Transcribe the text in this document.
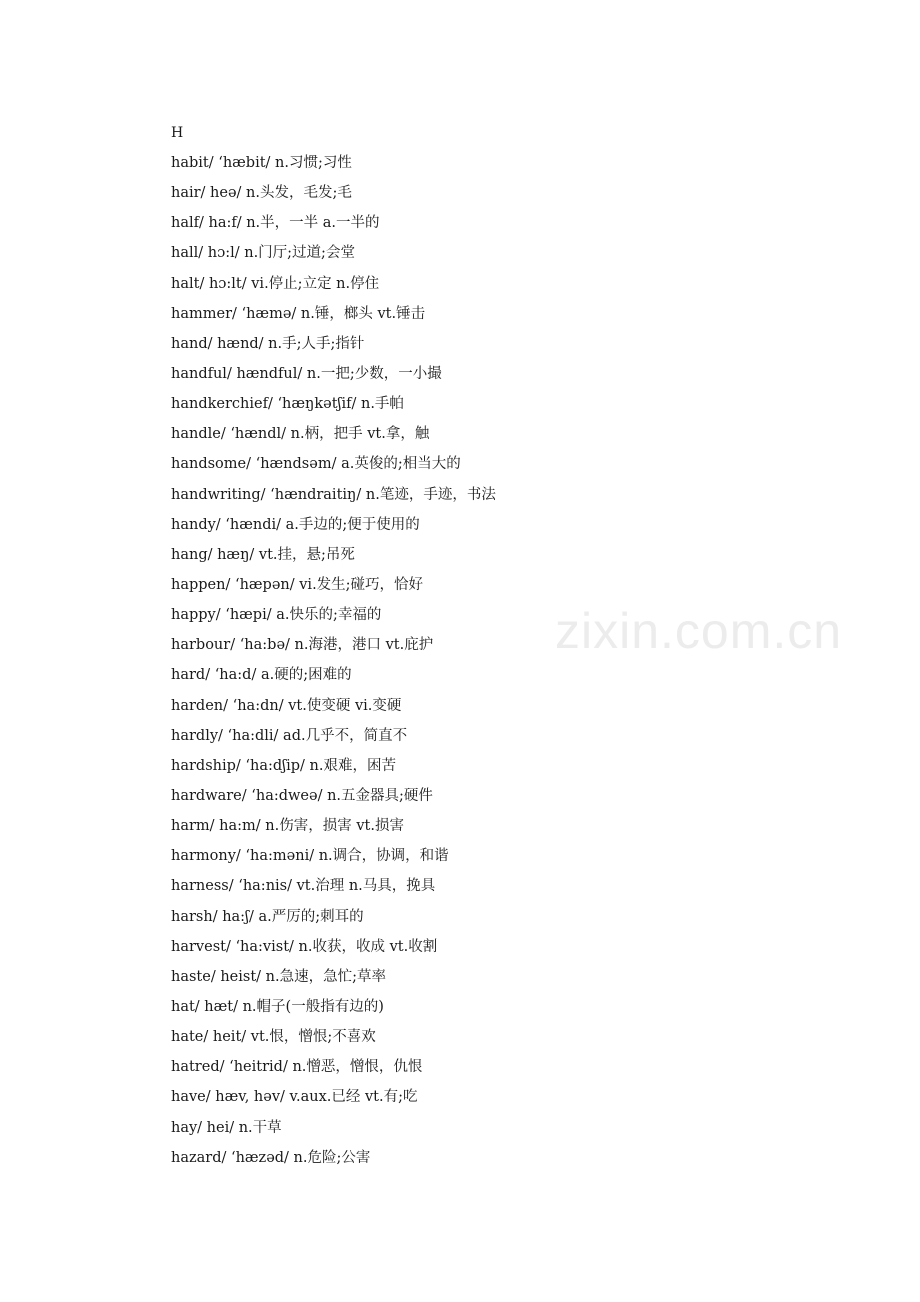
zixin.com.cn

H

habit/ ‘hæbit/ n.习惯;习性
hair/ heə/ n.头发，毛发;毛
half/ ha:f/ n.半，一半 a.一半的
hall/ hɔ:l/ n.门厅;过道;会堂
halt/ hɔ:lt/ vi.停止;立定 n.停住
hammer/ ‘hæmə/ n.锤，榔头 vt.锤击
hand/ hænd/ n.手;人手;指针
handful/ hændful/ n.一把;少数，一小撮
handkerchief/ ‘hæŋkətʃif/ n.手帕
handle/ ‘hændl/ n.柄，把手 vt.拿，触
handsome/ ‘hændsəm/ a.英俊的;相当大的
handwriting/ ‘hændraitiŋ/ n.笔迹，手迹，书法
handy/ ‘hændi/ a.手边的;便于使用的
hang/ hæŋ/ vt.挂，悬;吊死
happen/ ‘hæpən/ vi.发生;碰巧，恰好
happy/ ‘hæpi/ a.快乐的;幸福的
harbour/ ‘ha:bə/ n.海港，港口 vt.庇护
hard/ ‘ha:d/ a.硬的;困难的
harden/ ‘ha:dn/ vt.使变硬 vi.变硬
hardly/ ‘ha:dli/ ad.几乎不，简直不
hardship/ ‘ha:dʃip/ n.艰难，困苦
hardware/ ‘ha:dweə/ n.五金器具;硬件
harm/ ha:m/ n.伤害，损害 vt.损害
harmony/ ‘ha:məni/ n.调合，协调，和谐
harness/ ‘ha:nis/ vt.治理 n.马具，挽具
harsh/ ha:ʃ/ a.严厉的;刺耳的
harvest/ ‘ha:vist/ n.收获，收成 vt.收割
haste/ heist/ n.急速，急忙;草率
hat/ hæt/ n.帽子(一般指有边的)
hate/ heit/ vt.恨，憎恨;不喜欢
hatred/ ‘heitrid/ n.憎恶，憎恨，仇恨
have/ hæv, həv/ v.aux.已经 vt.有;吃
hay/ hei/ n.干草
hazard/ ‘hæzəd/ n.危险;公害
